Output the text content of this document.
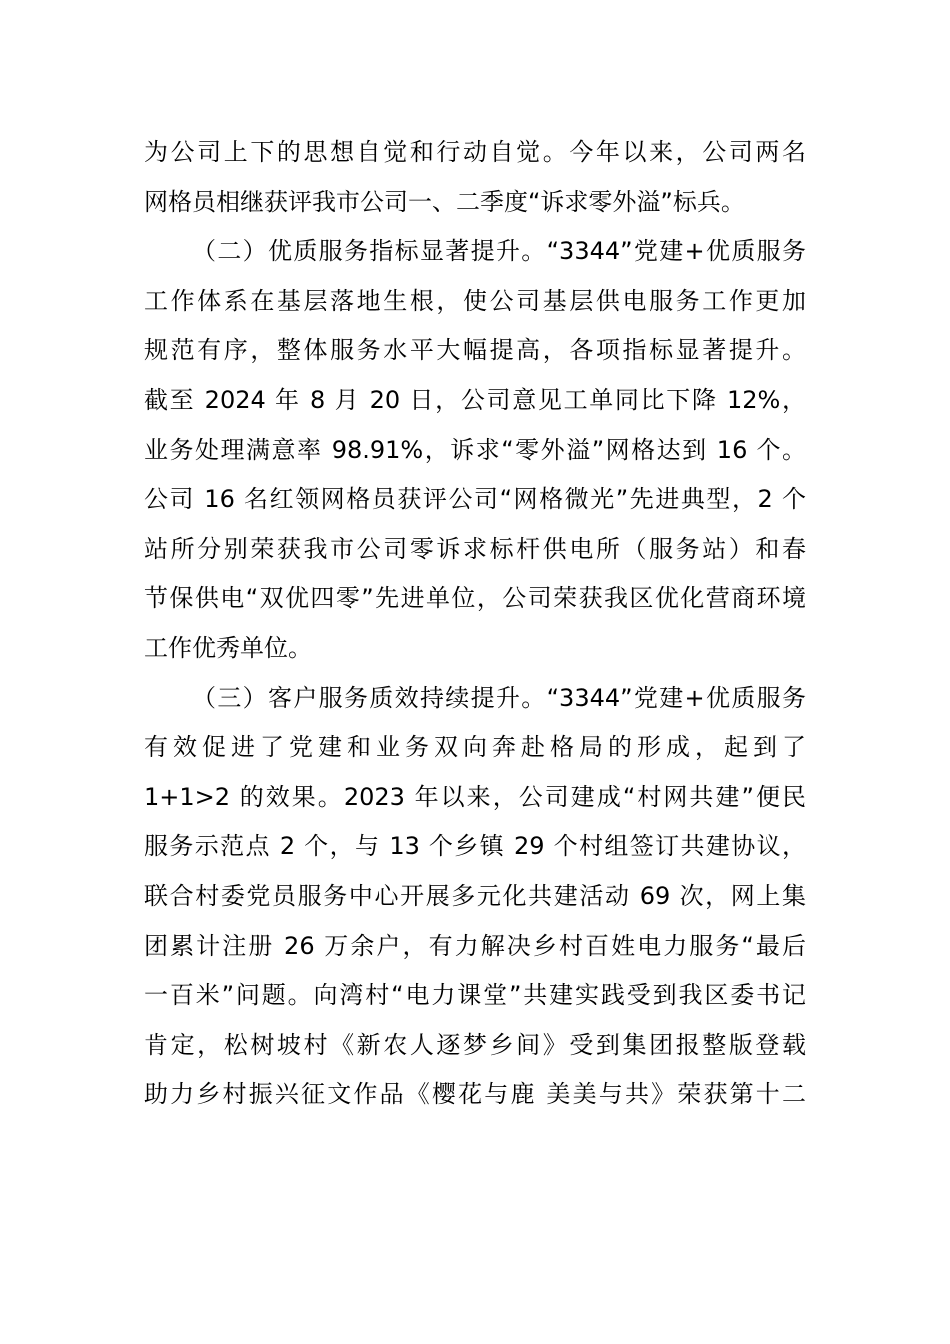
为公司上下的思想自觉和行动自觉。今年以来，公司两名
网格员相继获评我市公司一、二季度“诉求零外溢”标兵。
（二）优质服务指标显著提升。“3344”党建+优质服务
工作体系在基层落地生根，使公司基层供电服务工作更加
规范有序，整体服务水平大幅提高，各项指标显著提升。
截至 2024 年 8 月 20 日，公司意见工单同比下降 12%，
业务处理满意率 98.91%，诉求“零外溢”网格达到 16 个。
公司 16 名红领网格员获评公司“网格微光”先进典型，2 个
站所分别荣获我市公司零诉求标杆供电所（服务站）和春
节保供电“双优四零”先进单位，公司荣获我区优化营商环境
工作优秀单位。
（三）客户服务质效持续提升。“3344”党建+优质服务
有效促进了党建和业务双向奔赴格局的形成，起到了
1+1>2 的效果。2023 年以来，公司建成“村网共建”便民
服务示范点 2 个，与 13 个乡镇 29 个村组签订共建协议，
联合村委党员服务中心开展多元化共建活动 69 次，网上集
团累计注册 26 万余户，有力解决乡村百姓电力服务“最后
一百米”问题。向湾村“电力课堂”共建实践受到我区委书记
肯定，松树坡村《新农人逐梦乡间》受到集团报整版登载
助力乡村振兴征文作品《樱花与鹿 美美与共》荣获第十二
